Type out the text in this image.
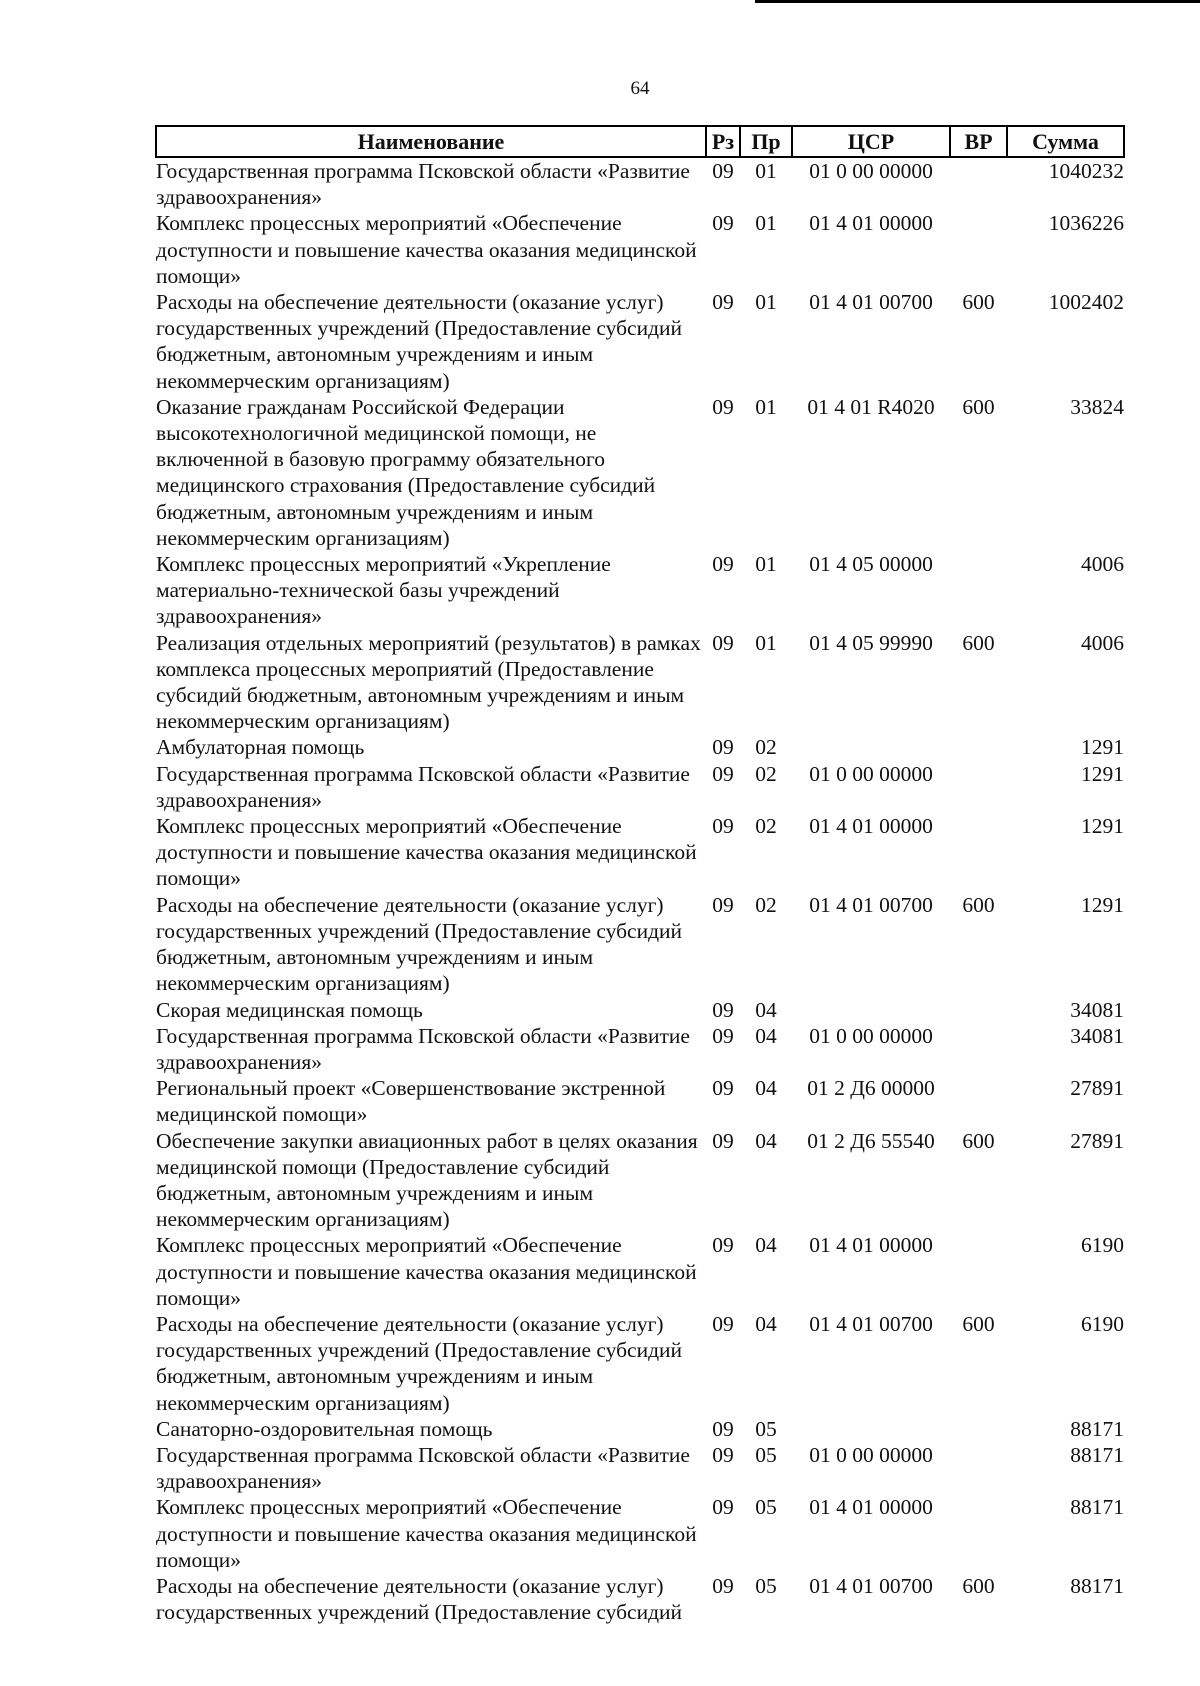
64
Наименование	Рз	Пр	ЦСР	ВР	Сумма
Государственная программа Псковской области «Развитие здравоохранения»	09	01	01 0 00 00000		1040232
Комплекс процессных мероприятий «Обеспечение доступности и повышение качества оказания медицинской помощи»	09	01	01 4 01 00000		1036226
Расходы на обеспечение деятельности (оказание услуг) государственных учреждений (Предоставление субсидий бюджетным, автономным учреждениям и иным некоммерческим организациям)	09	01	01 4 01 00700	600	1002402
Оказание гражданам Российской Федерации высокотехнологичной медицинской помощи, не включенной в базовую программу обязательного медицинского страхования (Предоставление субсидий бюджетным, автономным учреждениям и иным некоммерческим организациям)	09	01	01 4 01 R4020	600	33824
Комплекс процессных мероприятий «Укрепление материально-технической базы учреждений здравоохранения»	09	01	01 4 05 00000		4006
Реализация отдельных мероприятий (результатов) в рамках комплекса процессных мероприятий (Предоставление субсидий бюджетным, автономным учреждениям и иным некоммерческим организациям)	09	01	01 4 05 99990	600	4006
Амбулаторная помощь	09	02			1291
Государственная программа Псковской области «Развитие здравоохранения»	09	02	01 0 00 00000		1291
Комплекс процессных мероприятий «Обеспечение доступности и повышение качества оказания медицинской помощи»	09	02	01 4 01 00000		1291
Расходы на обеспечение деятельности (оказание услуг) государственных учреждений (Предоставление субсидий бюджетным, автономным учреждениям и иным некоммерческим организациям)	09	02	01 4 01 00700	600	1291
Скорая медицинская помощь	09	04			34081
Государственная программа Псковской области «Развитие здравоохранения»	09	04	01 0 00 00000		34081
Региональный проект «Совершенствование экстренной медицинской помощи»	09	04	01 2 Д6 00000		27891
Обеспечение закупки авиационных работ в целях оказания медицинской помощи (Предоставление субсидий бюджетным, автономным учреждениям и иным некоммерческим организациям)	09	04	01 2 Д6 55540	600	27891
Комплекс процессных мероприятий «Обеспечение доступности и повышение качества оказания медицинской помощи»	09	04	01 4 01 00000		6190
Расходы на обеспечение деятельности (оказание услуг) государственных учреждений (Предоставление субсидий бюджетным, автономным учреждениям и иным некоммерческим организациям)	09	04	01 4 01 00700	600	6190
Санаторно-оздоровительная помощь	09	05			88171
Государственная программа Псковской области «Развитие здравоохранения»	09	05	01 0 00 00000		88171
Комплекс процессных мероприятий «Обеспечение доступности и повышение качества оказания медицинской помощи»	09	05	01 4 01 00000		88171
Расходы на обеспечение деятельности (оказание услуг) государственных учреждений (Предоставление субсидий	09	05	01 4 01 00700	600	88171
